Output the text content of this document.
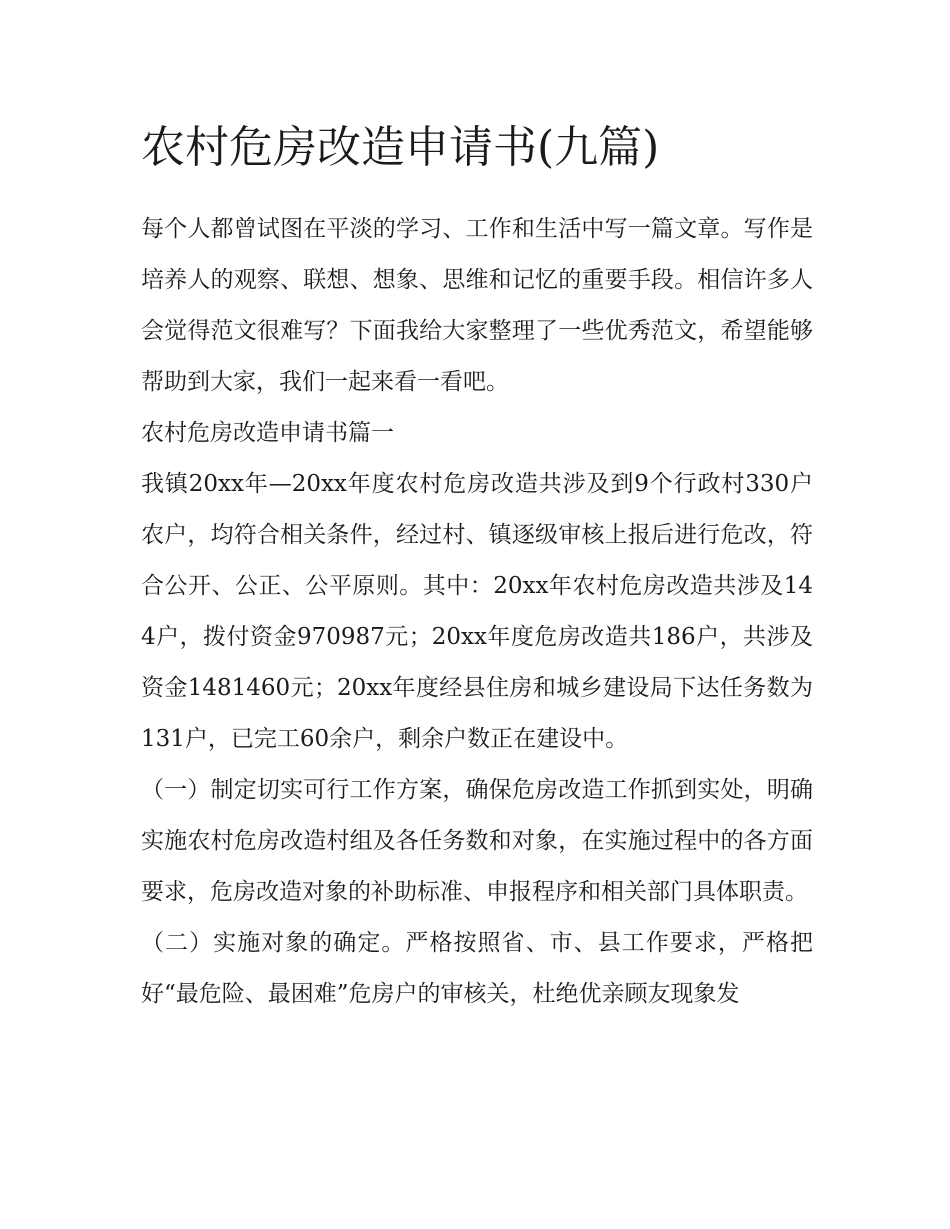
农村危房改造申请书(九篇)

每个人都曾试图在平淡的学习、工作和生活中写一篇文章。写作是培养人的观察、联想、想象、思维和记忆的重要手段。相信许多人会觉得范文很难写？下面我给大家整理了一些优秀范文，希望能够帮助到大家，我们一起来看一看吧。

农村危房改造申请书篇一

我镇20xx年—20xx年度农村危房改造共涉及到9个行政村330户农户，均符合相关条件，经过村、镇逐级审核上报后进行危改，符合公开、公正、公平原则。其中：20xx年农村危房改造共涉及144户，拨付资金970987元；20xx年度危房改造共186户，共涉及资金1481460元；20xx年度经县住房和城乡建设局下达任务数为131户，已完工60余户，剩余户数正在建设中。

（一）制定切实可行工作方案，确保危房改造工作抓到实处，明确实施农村危房改造村组及各任务数和对象，在实施过程中的各方面要求，危房改造对象的补助标准、申报程序和相关部门具体职责。

（二）实施对象的确定。严格按照省、市、县工作要求，严格把好“最危险、最困难”危房户的审核关，杜绝优亲顾友现象发
